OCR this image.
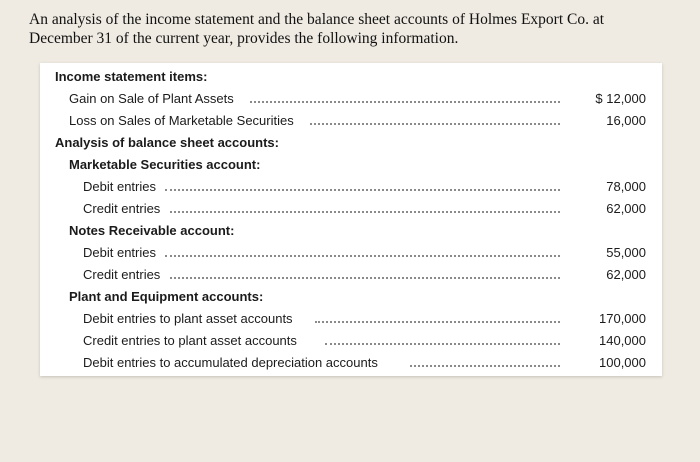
An analysis of the income statement and the balance sheet accounts of Holmes Export Co. at
December 31 of the current year, provides the following information.
Income statement items:
Gain on Sale of Plant Assets	$ 12,000
Loss on Sales of Marketable Securities	16,000
Analysis of balance sheet accounts:
Marketable Securities account:
Debit entries	78,000
Credit entries	62,000
Notes Receivable account:
Debit entries	55,000
Credit entries	62,000
Plant and Equipment accounts:
Debit entries to plant asset accounts	170,000
Credit entries to plant asset accounts	140,000
Debit entries to accumulated depreciation accounts	100,000
